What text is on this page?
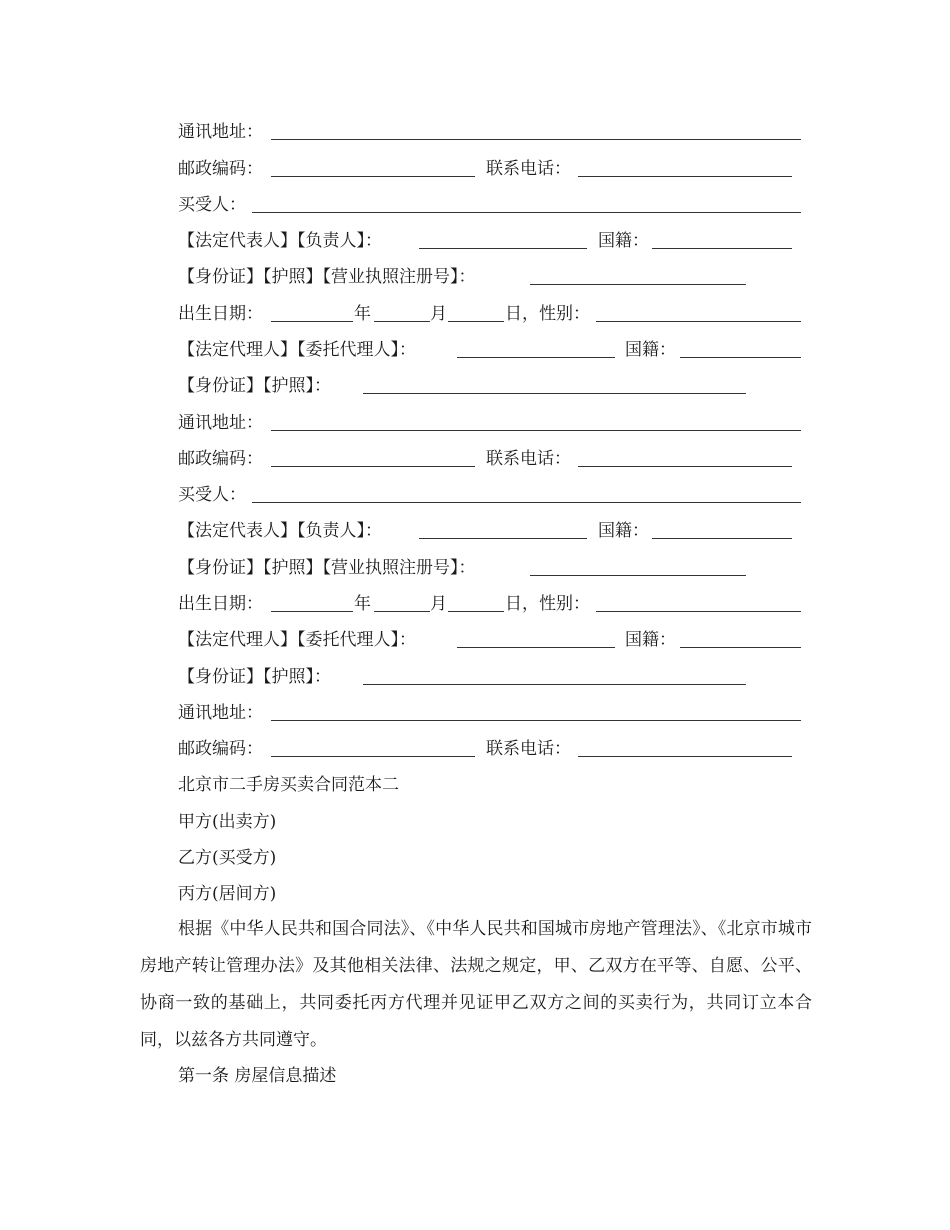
通讯地址：
邮政编码：	联系电话：
买受人：
【法定代表人】【负责人】：	国籍：
【身份证】【护照】【营业执照注册号】：
出生日期：	年	月	日，性别：
【法定代理人】【委托代理人】：	国籍：
【身份证】【护照】：
通讯地址：
邮政编码：	联系电话：
买受人：
【法定代表人】【负责人】：	国籍：
【身份证】【护照】【营业执照注册号】：
出生日期：	年	月	日，性别：
【法定代理人】【委托代理人】：	国籍：
【身份证】【护照】：
通讯地址：
邮政编码：	联系电话：
北京市二手房买卖合同范本二
甲方(出卖方)
乙方(买受方)
丙方(居间方)
根据《中华人民共和国合同法》、《中华人民共和国城市房地产管理法》、《北京市城市房地产转让管理办法》及其他相关法律、法规之规定，甲、乙双方在平等、自愿、公平、协商一致的基础上，共同委托丙方代理并见证甲乙双方之间的买卖行为，共同订立本合同，以兹各方共同遵守。
第一条 房屋信息描述
